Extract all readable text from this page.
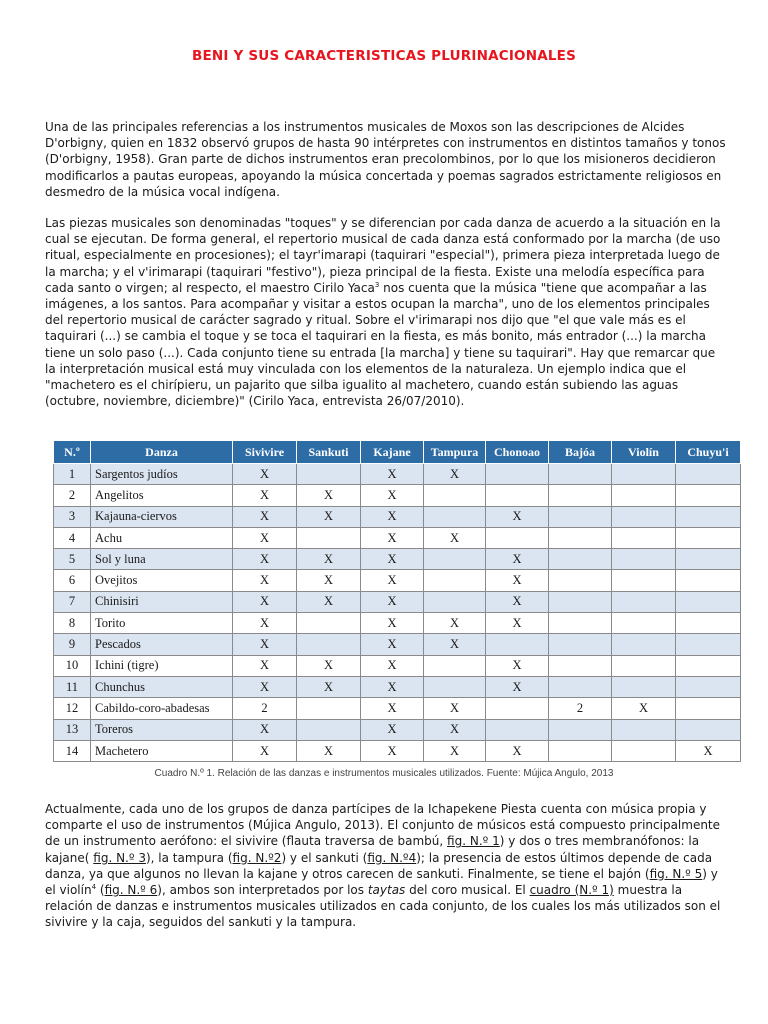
BENI Y SUS CARACTERISTICAS PLURINACIONALES

Una de las principales referencias a los instrumentos musicales de Moxos son las descripciones de Alcides D'orbigny, quien en 1832 observó grupos de hasta 90 intérpretes con instrumentos en distintos tamaños y tonos (D'orbigny, 1958). Gran parte de dichos instrumentos eran precolombinos, por lo que los misioneros decidieron modificarlos a pautas europeas, apoyando la música concertada y poemas sagrados estrictamente religiosos en desmedro de la música vocal indígena.

Las piezas musicales son denominadas "toques" y se diferencian por cada danza de acuerdo a la situación en la cual se ejecutan. De forma general, el repertorio musical de cada danza está conformado por la marcha (de uso ritual, especialmente en procesiones); el tayr'imarapi (taquirari "especial"), primera pieza interpretada luego de la marcha; y el v'irimarapi (taquirari "festivo"), pieza principal de la fiesta. Existe una melodía específica para cada santo o virgen; al respecto, el maestro Cirilo Yaca$^3$ nos cuenta que la música "tiene que acompañar a las imágenes, a los santos. Para acompañar y visitar a estos ocupan la marcha", uno de los elementos principales del repertorio musical de carácter sagrado y ritual. Sobre el v'irimarapi nos dijo que "el que vale más es el taquirari (...) se cambia el toque y se toca el taquirari en la fiesta, es más bonito, más entrador (...) la marcha tiene un solo paso (...). Cada conjunto tiene su entrada [la marcha] y tiene su taquirari". Hay que remarcar que la interpretación musical está muy vinculada con los elementos de la naturaleza. Un ejemplo indica que el "machetero es el chirípieru, un pajarito que silba igualito al machetero, cuando están subiendo las aguas (octubre, noviembre, diciembre)" (Cirilo Yaca, entrevista 26/07/2010).

N.º	Danza	Sivivire	Sankuti	Kajane	Tampura	Chonoao	Bajóa	Violín	Chuyu'i
1	Sargentos judíos	X		X	X				
2	Angelitos	X	X	X					
3	Kajauna-ciervos	X	X	X		X			
4	Achu	X		X	X				
5	Sol y luna	X	X	X		X			
6	Ovejitos	X	X	X		X			
7	Chinisiri	X	X	X		X			
8	Torito	X		X	X	X			
9	Pescados	X		X	X				
10	Ichini (tigre)	X	X	X		X			
11	Chunchus	X	X	X		X			
12	Cabildo-coro-abadesas	2		X	X		2	X	
13	Toreros	X		X	X				
14	Machetero	X	X	X	X	X			X
Cuadro N.º 1. Relación de las danzas e instrumentos musicales utilizados. Fuente: Mújica Angulo, 2013

Actualmente, cada uno de los grupos de danza partícipes de la Ichapekene Piesta cuenta con música propia y comparte el uso de instrumentos (Mújica Angulo, 2013). El conjunto de músicos está compuesto principalmente de un instrumento aerófono: el sivivire (flauta traversa de bambú, fig. N.º 1) y dos o tres membranófonos: la kajane( fig. N.º 3), la tampura (fig. N.º2) y el sankuti (fig. N.º4); la presencia de estos últimos depende de cada danza, ya que algunos no llevan la kajane y otros carecen de sankuti. Finalmente, se tiene el bajón (fig. N.º 5) y el violín$^4$ (fig. N.º 6), ambos son interpretados por los taytas del coro musical. El cuadro (N.º 1) muestra la relación de danzas e instrumentos musicales utilizados en cada conjunto, de los cuales los más utilizados son el sivivire y la caja, seguidos del sankuti y la tampura.
